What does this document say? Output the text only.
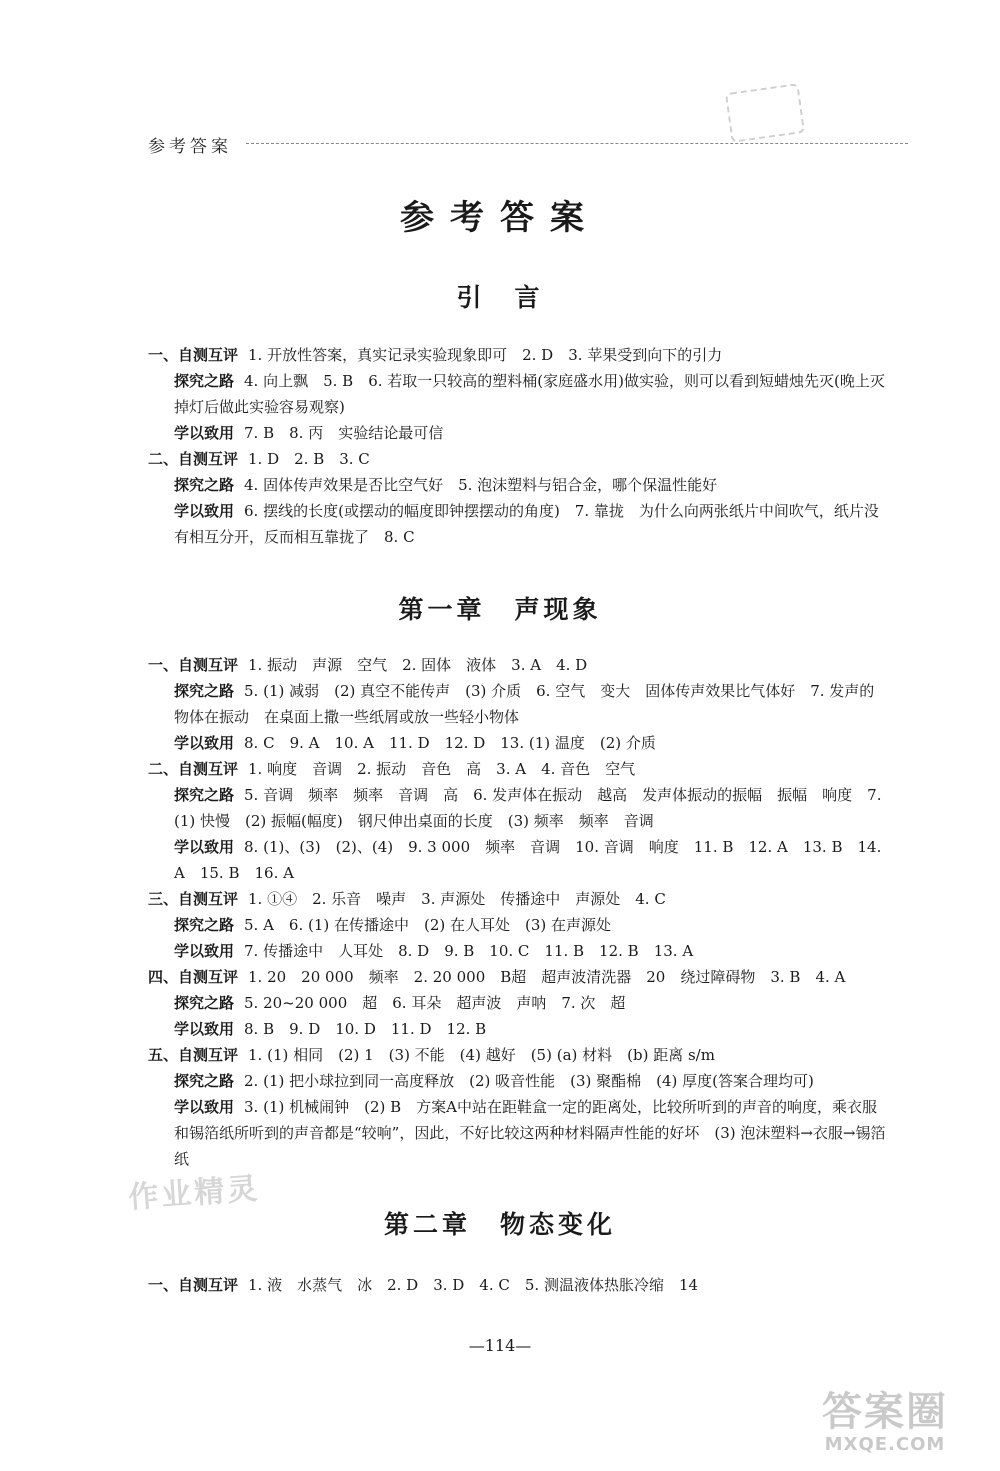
参考答案
参考答案
引　言
一、自测互评 1. 开放性答案，真实记录实验现象即可　2. D　3. 苹果受到向下的引力
探究之路 4. 向上飘　5. B　6. 若取一只较高的塑料桶(家庭盛水用)做实验，则可以看到短蜡烛先灭(晚上灭掉灯后做此实验容易观察)
学以致用 7. B　8. 丙　实验结论最可信
二、自测互评 1. D　2. B　3. C
探究之路 4. 固体传声效果是否比空气好　5. 泡沫塑料与铝合金，哪个保温性能好
学以致用 6. 摆线的长度(或摆动的幅度即钟摆摆动的角度)　7. 靠拢　为什么向两张纸片中间吹气，纸片没有相互分开，反而相互靠拢了　8. C
第一章　声现象
一、自测互评 1. 振动　声源　空气　2. 固体　液体　3. A　4. D
探究之路 5. (1) 减弱　(2) 真空不能传声　(3) 介质　6. 空气　变大　固体传声效果比气体好　7. 发声的物体在振动　在桌面上撒一些纸屑或放一些轻小物体
学以致用 8. C　9. A　10. A　11. D　12. D　13. (1) 温度　(2) 介质
二、自测互评 1. 响度　音调　2. 振动　音色　高　3. A　4. 音色　空气
探究之路 5. 音调　频率　频率　音调　高　6. 发声体在振动　越高　发声体振动的振幅　振幅　响度　7. (1) 快慢　(2) 振幅(幅度)　钢尺伸出桌面的长度　(3) 频率　频率　音调
学以致用 8. (1)、(3)　(2)、(4)　9. 3 000　频率　音调　10. 音调　响度　11. B　12. A　13. B　14. A　15. B　16. A
三、自测互评 1. ①④　2. 乐音　噪声　3. 声源处　传播途中　声源处　4. C
探究之路 5. A　6. (1) 在传播途中　(2) 在人耳处　(3) 在声源处
学以致用 7. 传播途中　人耳处　8. D　9. B　10. C　11. B　12. B　13. A
四、自测互评 1. 20　20 000　频率　2. 20 000　B超　超声波清洗器　20　绕过障碍物　3. B　4. A
探究之路 5. 20~20 000　超　6. 耳朵　超声波　声呐　7. 次　超
学以致用 8. B　9. D　10. D　11. D　12. B
五、自测互评 1. (1) 相同　(2) 1　(3) 不能　(4) 越好　(5) (a) 材料　(b) 距离 s/m
探究之路 2. (1) 把小球拉到同一高度释放　(2) 吸音性能　(3) 聚酯棉　(4) 厚度(答案合理均可)
学以致用 3. (1) 机械闹钟　(2) B　方案A中站在距鞋盒一定的距离处，比较所听到的声音的响度，乘衣服和锡箔纸所听到的声音都是“较响”，因此，不好比较这两种材料隔声性能的好坏　(3) 泡沫塑料→衣服→锡箔纸
作业精灵
第二章　物态变化
一、自测互评 1. 液　水蒸气　冰　2. D　3. D　4. C　5. 测温液体热胀冷缩　14
—114—
答案圈
MXQE.COM
